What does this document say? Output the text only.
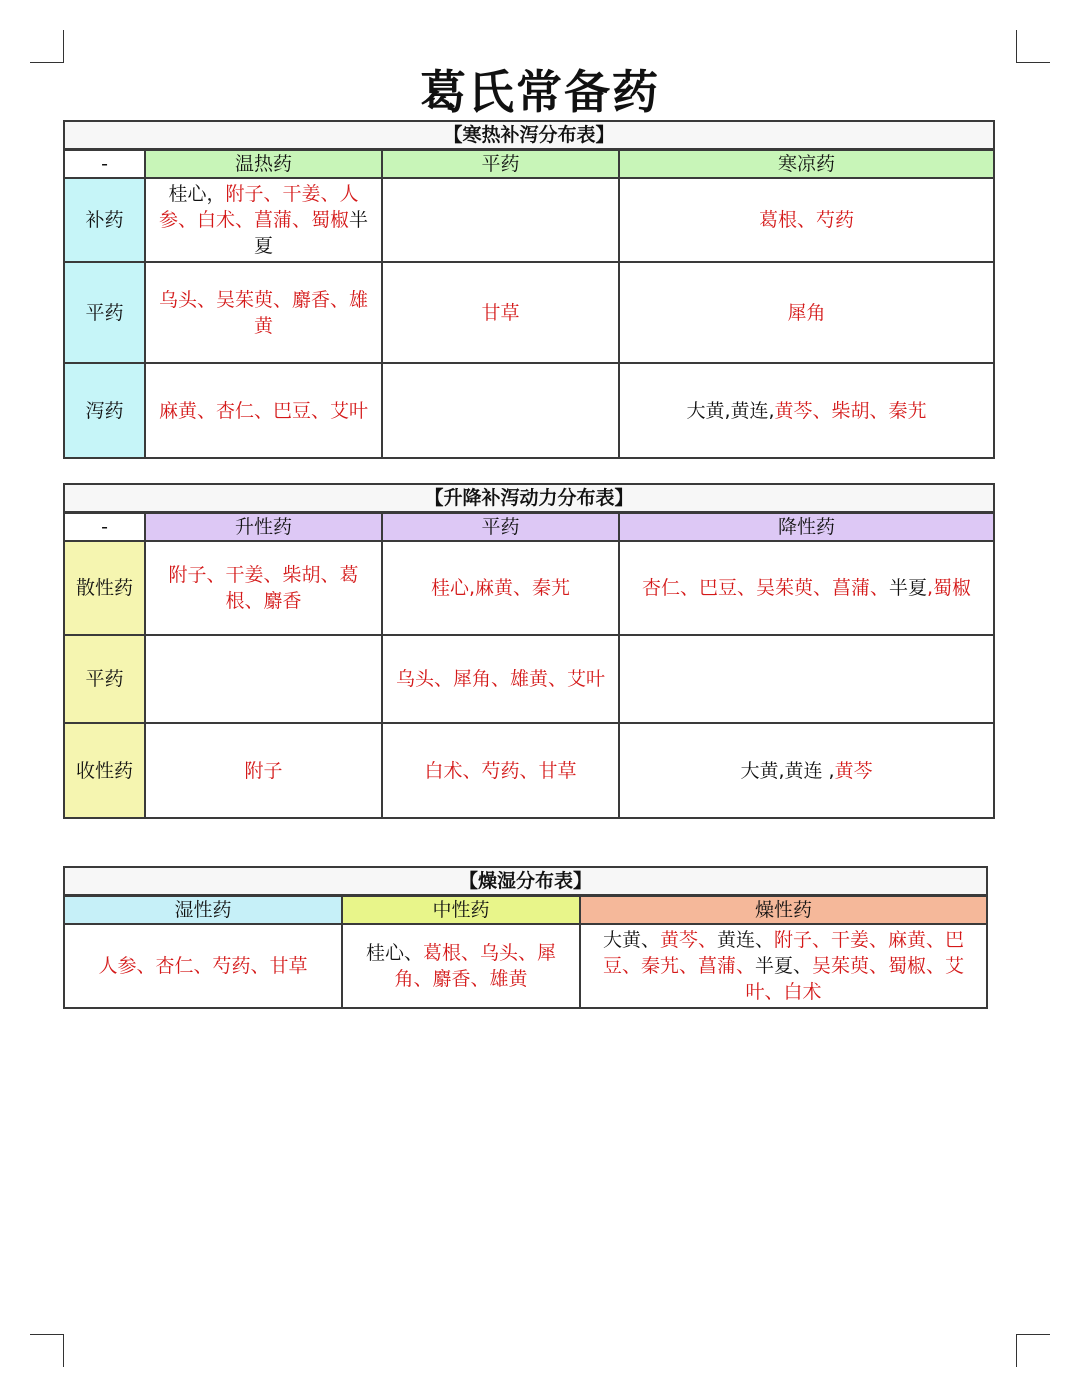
葛氏常备药
【寒热补泻分布表】			
-	温热药	平药	寒凉药
补药	桂心，附子、干姜、人参、白术、菖蒲、蜀椒半夏		葛根、芍药
平药	乌头、吴茱萸、麝香、雄黄	甘草	犀角
泻药	麻黄、杏仁、巴豆、艾叶		大黄,黄连,黄芩、柴胡、秦艽
【升降补泻动力分布表】			
-	升性药	平药	降性药
散性药	附子、干姜、柴胡、葛根、麝香	桂心,麻黄、秦艽	杏仁、巴豆、吴茱萸、菖蒲、半夏,蜀椒
平药		乌头、犀角、雄黄、艾叶	
收性药	附子	白术、芍药、甘草	大黄,黄连 ,黄芩
【燥湿分布表】		
湿性药	中性药	燥性药
人参、杏仁、芍药、甘草	桂心、葛根、乌头、犀角、麝香、雄黄	大黄、黄芩、黄连、附子、干姜、麻黄、巴豆、秦艽、菖蒲、半夏、吴茱萸、蜀椒、艾叶、白术
